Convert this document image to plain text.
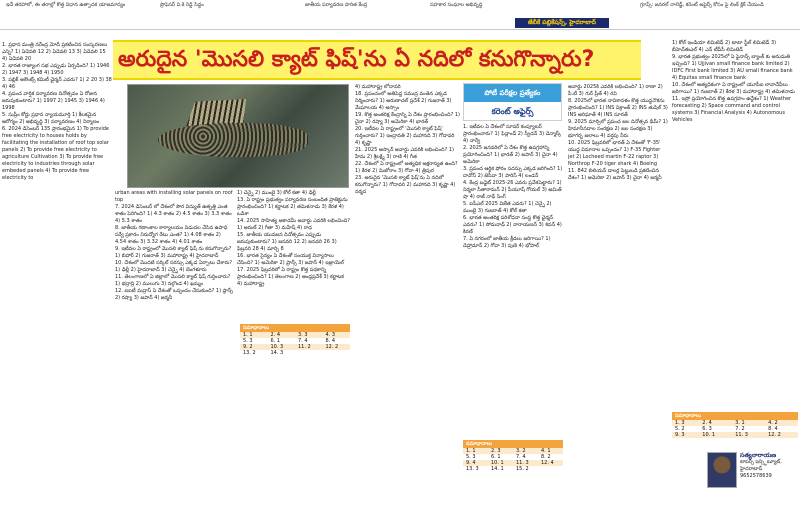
ఇదే తరహాలో, ఈ తరాల్లో కొత్త విధాన ఉత్పాదక యాజమాన్యం	ప్రొఫెసర్ వి.కె రెడ్డి సిద్ధం	జాతీయ పర్యావరణ హరిత కేంద్ర	సహకార సంఘాల అభివృద్ధి
జేబీకే పబ్లికేషన్స్, హైదరాబాద్
గ్రూప్స్: జనరల్ నాలెడ్జ్, కరెంట్ అఫైర్స్ కోసం పై లింక్ క్లిక్ చేయండి
అరుదైన 'మొసలి క్యాట్ ఫిష్'ను ఏ నదిలో కనుగొన్నారు?
పోటీ పరీక్షల ప్రత్యేకం
కరెంట్ అఫైర్స్
1. ప్రధాన మంత్రి నరేంద్ర మోదీ ప్రకటించిన సంస్కరణలు ఎన్ని? 1) ఏడెవలి 12 2) ఏడెవలి 13 3) ఏడెవలి 15 4) ఏడెవలి 20
2. భారత రాజ్యాంగ సభ ఎప్పుడు ఏర్పడింది? 1) 1946 2) 1947 3) 1948 4) 1950
3. పబ్లిక్ అకౌంట్స్ కమిటీ ఛైర్మన్ ఎవరు? 1) 2 20 3) 38 4) 46
4. ప్రపంచ వార్షిక పర్యావరణ దినోత్సవం ఏ రోజున జరుపుకుంటారు? 1) 1997 2) 1945 3) 1946 4) 1998
5. సుప్రీం కోర్టు ప్రధాన న్యాయమూర్తి 1) కీలకమైన ఆరోగ్యం 2) అభివృద్ధి 3) పర్యావరణం 4) నిర్మాణం
6. 2024 డిసెంబర్ 135 ప్రారంభమైన 1) To provide free electricity to houses holds by facilitating the installation of roof top solar panels 2) To provide free electricity to agriculture Cultivation 3) To provide free electricity to industries through solar embeded panels 4) To provide free electricity to
urban areas with installing solar panels on roof top
7. 2024 డిసెంబర్ లో దేశంలో సౌర విద్యుత్ ఉత్పత్తి ఎంత శాతం పెరిగింది? 1) 4.3 శాతం 2) 4.5 శాతం 3) 3.3 శాతం 4) 5.3 శాతం
8. జాతీయ గణాంకాల కార్యాలయం విడుదల చేసిన ఉపాధి సర్వే ప్రకారం నిరుద్యోగ రేటు ఎంత? 1) 4.08 శాతం 2) 4.54 శాతం 3) 3.32 శాతం 4) 4.01 శాతం
9. ఇటీవల ఏ రాష్ట్రంలో మొసలి క్యాట్ ఫిష్ ను కనుగొన్నారు? 1) బిహార్ 2) గుజరాత్ 3) మహారాష్ట్ర 4) హైదరాబాద్
10. దేశంలో మొదటి సర్కిల్ సరస్సు ఎక్కడ ఏర్పాటు చేశారు? 1) ఢిల్లీ 2) హైదరాబాద్ 3) చెన్నై 4) బెంగళూరు
11. తెలంగాణలో ఏ జిల్లాలో మొసలి క్యాట్ ఫిష్ గుర్తించారు? 1) భద్రాద్రి 2) ములుగు 3) నల్గొండ 4) ఖమ్మం
12. ఐఐటీ మద్రాస్ ఏ దేశంతో ఒప్పందం చేసుకుంది? 1) ఫ్రాన్స్ 2) రష్యా 3) జపాన్ 4) జర్మనీ
1) చెన్నై 2) ముంబై 3) కోల్ కతా 4) ఢిల్లీ
13. ఏ రాష్ట్రం ప్రభుత్వం పర్యావరణ సంబంధిత ప్రాజెక్టును ప్రారంభించింది? 1) కర్ణాటక 2) తమిళనాడు 3) కేరళ 4) ఒడిశా
14. 2025 సాహిత్య అకాడమీ అవార్డు ఎవరికి లభించింది? 1) అరుణ్ 2) గీతా 3) మహేష్ 4) రాధ
15. జాతీయ యువజన దినోత్సవం ఎప్పుడు జరుపుకుంటారు? 1) జనవరి 12 2) జనవరి 26 3) ఫిబ్రవరి 28 4) మార్చి 8
16. భారత సైన్యం ఏ దేశంతో సంయుక్త విన్యాసాలు చేసింది? 1) అమెరికా 2) ఫ్రాన్స్ 3) జపాన్ 4) ఇజ్రాయెల్
17. 2025 ఫిబ్రవరిలో ఏ రాష్ట్రం కొత్త పథకాన్ని ప్రారంభించింది? 1) తెలంగాణ 2) ఆంధ్రప్రదేశ్ 3) కర్ణాటక 4) మహారాష్ట్ర
4) మహారాష్ట్ర లోదావరి
18. ప్రపంచంలో అతిపెద్ద సముద్ర వంతెన ఎక్కడ నిర్మించారు? 1) అరుణాచల్ ప్రదేశ్ 2) గుజరాత్ 3) మేఘాలయ 4) అస్సాం
19. కొత్త అంతరిక్ష కేంద్రాన్ని ఏ దేశం ప్రారంభించింది? 1) చైనా 2) రష్యా 3) అమెరికా 4) భారత్
20. ఇటీవల ఏ రాష్ట్రంలో 'మొసలి క్యాట్ ఫిష్' గుర్తించారు? 1) ఇంద్రావతి 2) మహానది 3) గోదావరి 4) కృష్ణా
21. 2025 ఆస్కార్ అవార్డు ఎవరికి లభించింది? 1) హేమ 2) శ్రీలక్ష్మి 3) రాణి 4) గీత
22. దేశంలో ఏ రాష్ట్రంలో అత్యధిక అక్షరాస్యత ఉంది? 1) కేరళ 2) మిజోరాం 3) గోవా 4) త్రిపుర
23. అరుదైన 'మొసలి క్యాట్ ఫిష్'ను ఏ నదిలో కనుగొన్నారు? 1) గోదావరి 2) మహానది 3) కృష్ణా 4) నర్మద
1. ఇటీవల ఏ దేశంలో సూపర్ కంప్యూటర్ ప్రారంభించారు? 1) ఫిన్లాండ్ 2) స్వీడన్ 3) డెన్మార్క్ 4) నార్వే
2. 2025 జనవరిలో ఏ దేశం కొత్త ఉపగ్రహాన్ని ప్రయోగించింది? 1) భారత్ 2) జపాన్ 3) చైనా 4) అమెరికా
3. ప్రపంచ ఆర్థిక ఫోరం సదస్సు ఎక్కడ జరిగింది? 1) దావోస్ 2) జెనీవా 3) పారిస్ 4) లండన్
4. కేంద్ర బడ్జెట్ 2025-26 ఎవరు ప్రవేశపెట్టారు? 1) నిర్మలా సీతారామన్ 2) పీయూష్ గోయల్ 3) అమిత్ షా 4) రాజ్ నాథ్ సింగ్
5. ఐపీఎల్ 2025 విజేత ఎవరు? 1) చెన్నై 2) ముంబై 3) గుజరాత్ 4) కోల్ కతా
6. భారత అంతరిక్ష పరిశోధనా సంస్థ కొత్త ఛైర్మన్ ఎవరు? 1) సోమనాథ్ 2) నారాయణన్ 3) శివన్ 4) కిరణ్
7. ఏ నగరంలో జాతీయ క్రీడలు జరిగాయి? 1) డెహ్రాడూన్ 2) గోవా 3) పుణె 4) భోపాల్
అవార్డు 2025కి ఎవరికి లభించింది? 1) రాణా 2) పీ.టీ 3) గుర్ ప్రీత్ 4) రవి
8. 2025లో భారత నావికాదళం కొత్త యుద్ధనౌకను ప్రారంభించింది? 1) INS విక్రాంత్ 2) INS తుషిల్ 3) INS అరిఘాత్ 4) INS సూరత్
9. 2025 మార్చిలో ప్రపంచ జల దినోత్సవ థీమ్? 1) హిమానీనదాల సంరక్షణ 2) జల సంరక్షణ 3) భూగర్భ జలాలు 4) వర్షపు నీరు
10. 2025 ఫిబ్రవరిలో భారత్ ఏ దేశంతో 'F-35' యుద్ధ విమానాల ఒప్పందం? 1) F-35 Fighter jet 2) Locheed martin F-22 raptor 3) Northrop F-20 tiger shark 4) Boeing
11. 842 బిలియన్ డాలర్ల పెట్టుబడి ప్రకటించిన దేశం? 1) అమెరికా 2) జపాన్ 3) చైనా 4) జర్మనీ
1) కోల్ ఇండియా లిమిటెడ్ 2) టాటా స్టీల్ లిమిటెడ్ 3) బీహెచ్ఈఎల్ 4) ఎన్ టీపీసీ లిమిటెడ్
9. భారత ప్రభుత్వం 2025లో ఏ ఫైనాన్స్ బ్యాంక్ కు అనుమతి ఇచ్చింది? 1) Ujjivan small finance bank limited 2) IDFC First bank limited 3) AU small finance bank 4) Equitas small finance bank
10. దేశంలో అత్యధికంగా ఏ రాష్ట్రంలో యూపీఐ లావాదేవీలు జరిగాయి? 1) గుజరాత్ 2) కేరళ 3) మహారాష్ట్ర 4) తమిళనాడు
11. ఇస్రో ప్రయోగించిన కొత్త ఉపగ్రహం ఉద్దేశం? 1) Weather forecasting 2) Space command and control systems 3) Financial Analysis 4) Autonomous Vehicles
సమాధానాలు			
1. 1	2. 4	3. 3	4. 3
5. 3	6. 1	7. 4	8. 4
9. 2	10. 3	11. 2	12. 2
13. 2	14. 3		
సమాధానాలు			
1. 1	2. 3	3. 2	4. 1
5. 3	6. 1	7. 4	8. 2
9. 4	10. 1	11. 3	12. 4
13. 3	14. 1	15. 2	
సమాధానాలు			
1. 3	2. 4	3. 1	4. 2
5. 2	6. 3	7. 2	8. 4
9. 3	10. 1	11. 3	12. 2
సత్యనారాయణ
టాపర్స్ ఇన్స్టిట్యూట్, హైదరాబాద్
9652578639
